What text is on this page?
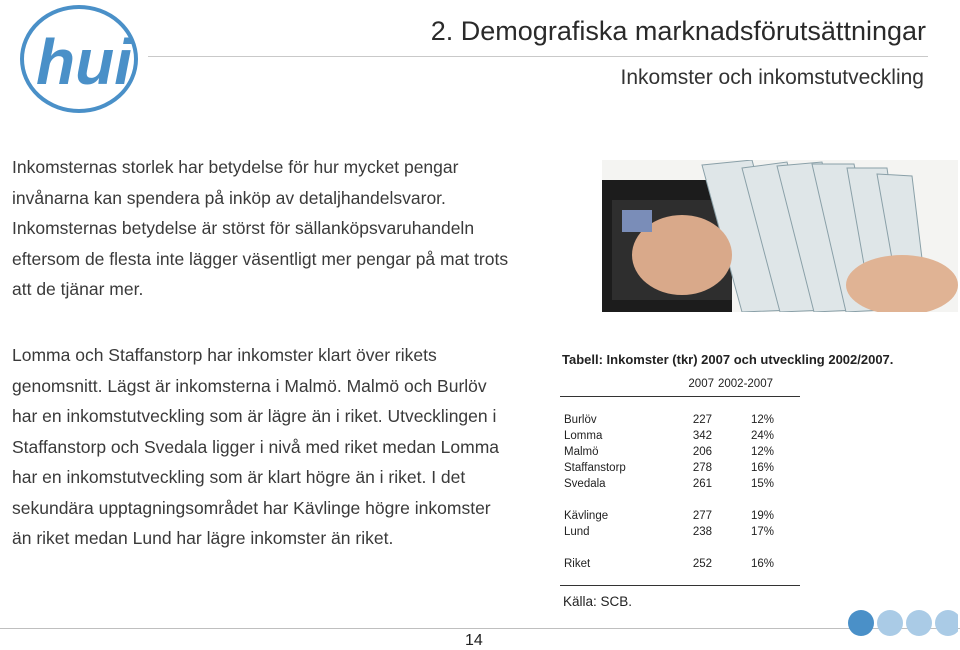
hui	2. Demografiska marknadsförutsättningar
Inkomster och inkomstutveckling
Inkomsternas storlek har betydelse för hur mycket pengar invånarna kan spendera på inköp av detaljhandelsvaror. Inkomsternas betydelse är störst för sällanköpsvaruhandeln eftersom de flesta inte lägger väsentligt mer pengar på mat trots att de tjänar mer.
Lomma och Staffanstorp har inkomster klart över rikets genomsnitt. Lägst är inkomsterna i Malmö. Malmö och Burlöv har en inkomstutveckling som är lägre än i riket. Utvecklingen i Staffanstorp och Svedala ligger i nivå med riket medan Lomma har en inkomstutveckling som är klart högre än i riket. I det sekundära upptagningsområdet har Kävlinge högre inkomster än riket medan Lund har lägre inkomster än riket.
Tabell: Inkomster (tkr) 2007 och utveckling 2002/2007.
2007 2002-2007
Burlöv	227	12%
Lomma	342	24%
Malmö	206	12%
Staffanstorp	278	16%
Svedala	261	15%
Kävlinge	277	19%
Lund	238	17%
Riket	252	16%
Källa: SCB.
14
